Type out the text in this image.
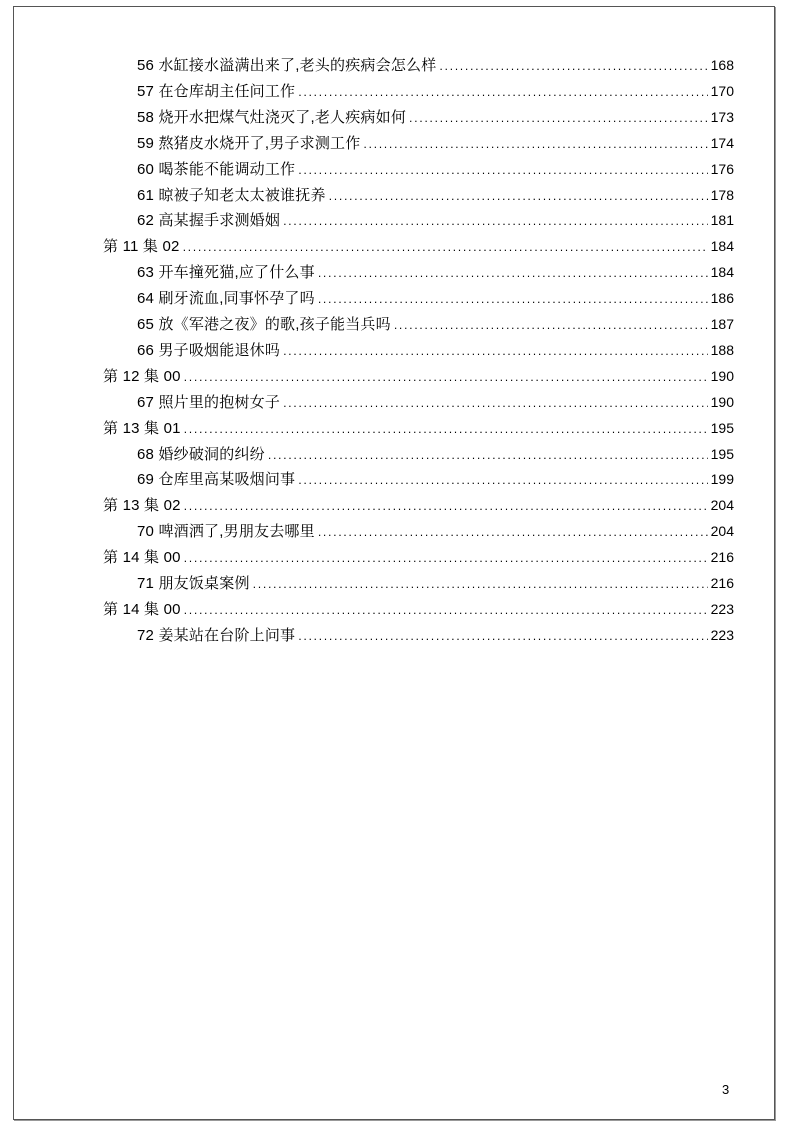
56 水缸接水溢满出来了,老头的疾病会怎么样 .....	168
57 在仓库胡主任问工作 .....	170
58 烧开水把煤气灶浇灭了,老人疾病如何 .....	173
59 熬猪皮水烧开了,男子求测工作 .....	174
60 喝茶能不能调动工作 .....	176
61 晾被子知老太太被谁抚养 .....	178
62 高某握手求测婚姻 .....	181
第 11 集 02 .....	184
63 开车撞死猫,应了什么事 .....	184
64 刷牙流血,同事怀孕了吗 .....	186
65 放《军港之夜》的歌,孩子能当兵吗 .....	187
66 男子吸烟能退休吗 .....	188
第 12 集 00 .....	190
67 照片里的抱树女子 .....	190
第 13 集 01 .....	195
68 婚纱破洞的纠纷 .....	195
69 仓库里高某吸烟问事 .....	199
第 13 集 02 .....	204
70 啤酒洒了,男朋友去哪里 .....	204
第 14 集 00 .....	216
71 朋友饭桌案例 .....	216
第 14 集 00 .....	223
72 姜某站在台阶上问事 .....	223
3
